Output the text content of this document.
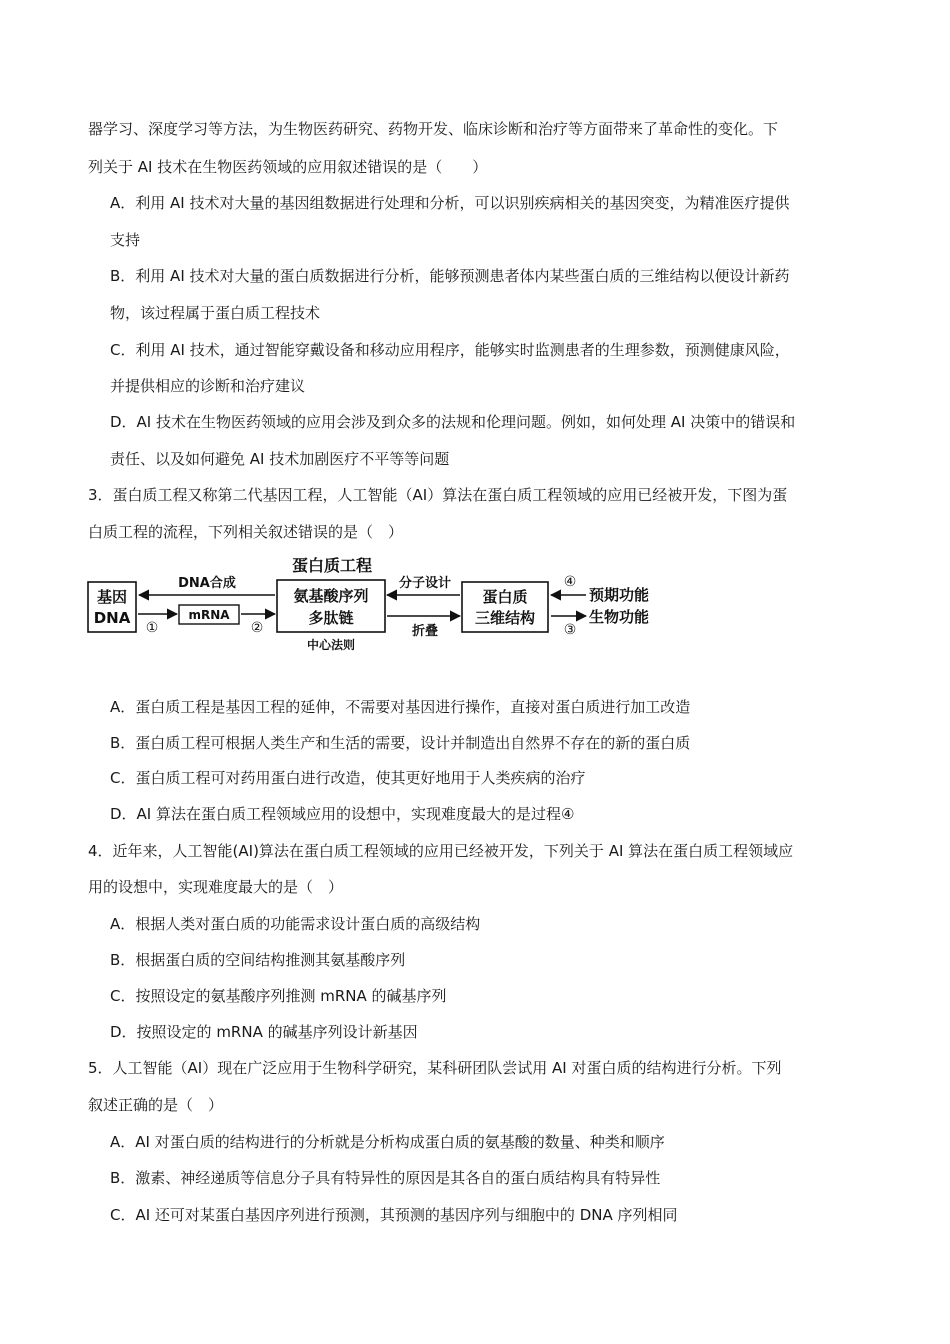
器学习、深度学习等方法，为生物医药研究、药物开发、临床诊断和治疗等方面带来了革命性的变化。下
列关于 AI 技术在生物医药领域的应用叙述错误的是（　　）
A．利用 AI 技术对大量的基因组数据进行处理和分析，可以识别疾病相关的基因突变，为精准医疗提供
支持
B．利用 AI 技术对大量的蛋白质数据进行分析，能够预测患者体内某些蛋白质的三维结构以便设计新药
物，该过程属于蛋白质工程技术
C．利用 AI 技术，通过智能穿戴设备和移动应用程序，能够实时监测患者的生理参数，预测健康风险，
并提供相应的诊断和治疗建议
D．AI 技术在生物医药领域的应用会涉及到众多的法规和伦理问题。例如，如何处理 AI 决策中的错误和
责任、以及如何避免 AI 技术加剧医疗不平等等问题
3．蛋白质工程又称第二代基因工程，人工智能（AI）算法在蛋白质工程领域的应用已经被开发，下图为蛋
白质工程的流程，下列相关叙述错误的是（　）
蛋白质工程
基因
DNA	mRNA
氨基酸序列
多肽链
蛋白质
三维结构
DNA合成
①	②
中心法则
分子设计
折叠
④
预期功能
③
生物功能
A．蛋白质工程是基因工程的延伸，不需要对基因进行操作，直接对蛋白质进行加工改造
B．蛋白质工程可根据人类生产和生活的需要，设计并制造出自然界不存在的新的蛋白质
C．蛋白质工程可对药用蛋白进行改造，使其更好地用于人类疾病的治疗
D．AI 算法在蛋白质工程领域应用的设想中，实现难度最大的是过程④
4．近年来，人工智能(AI)算法在蛋白质工程领域的应用已经被开发，下列关于 AI 算法在蛋白质工程领域应
用的设想中，实现难度最大的是（　）
A．根据人类对蛋白质的功能需求设计蛋白质的高级结构
B．根据蛋白质的空间结构推测其氨基酸序列
C．按照设定的氨基酸序列推测 mRNA 的碱基序列
D．按照设定的 mRNA 的碱基序列设计新基因
5．人工智能（AI）现在广泛应用于生物科学研究，某科研团队尝试用 AI 对蛋白质的结构进行分析。下列
叙述正确的是（　）
A．AI 对蛋白质的结构进行的分析就是分析构成蛋白质的氨基酸的数量、种类和顺序
B．激素、神经递质等信息分子具有特异性的原因是其各自的蛋白质结构具有特异性
C．AI 还可对某蛋白基因序列进行预测，其预测的基因序列与细胞中的 DNA 序列相同
